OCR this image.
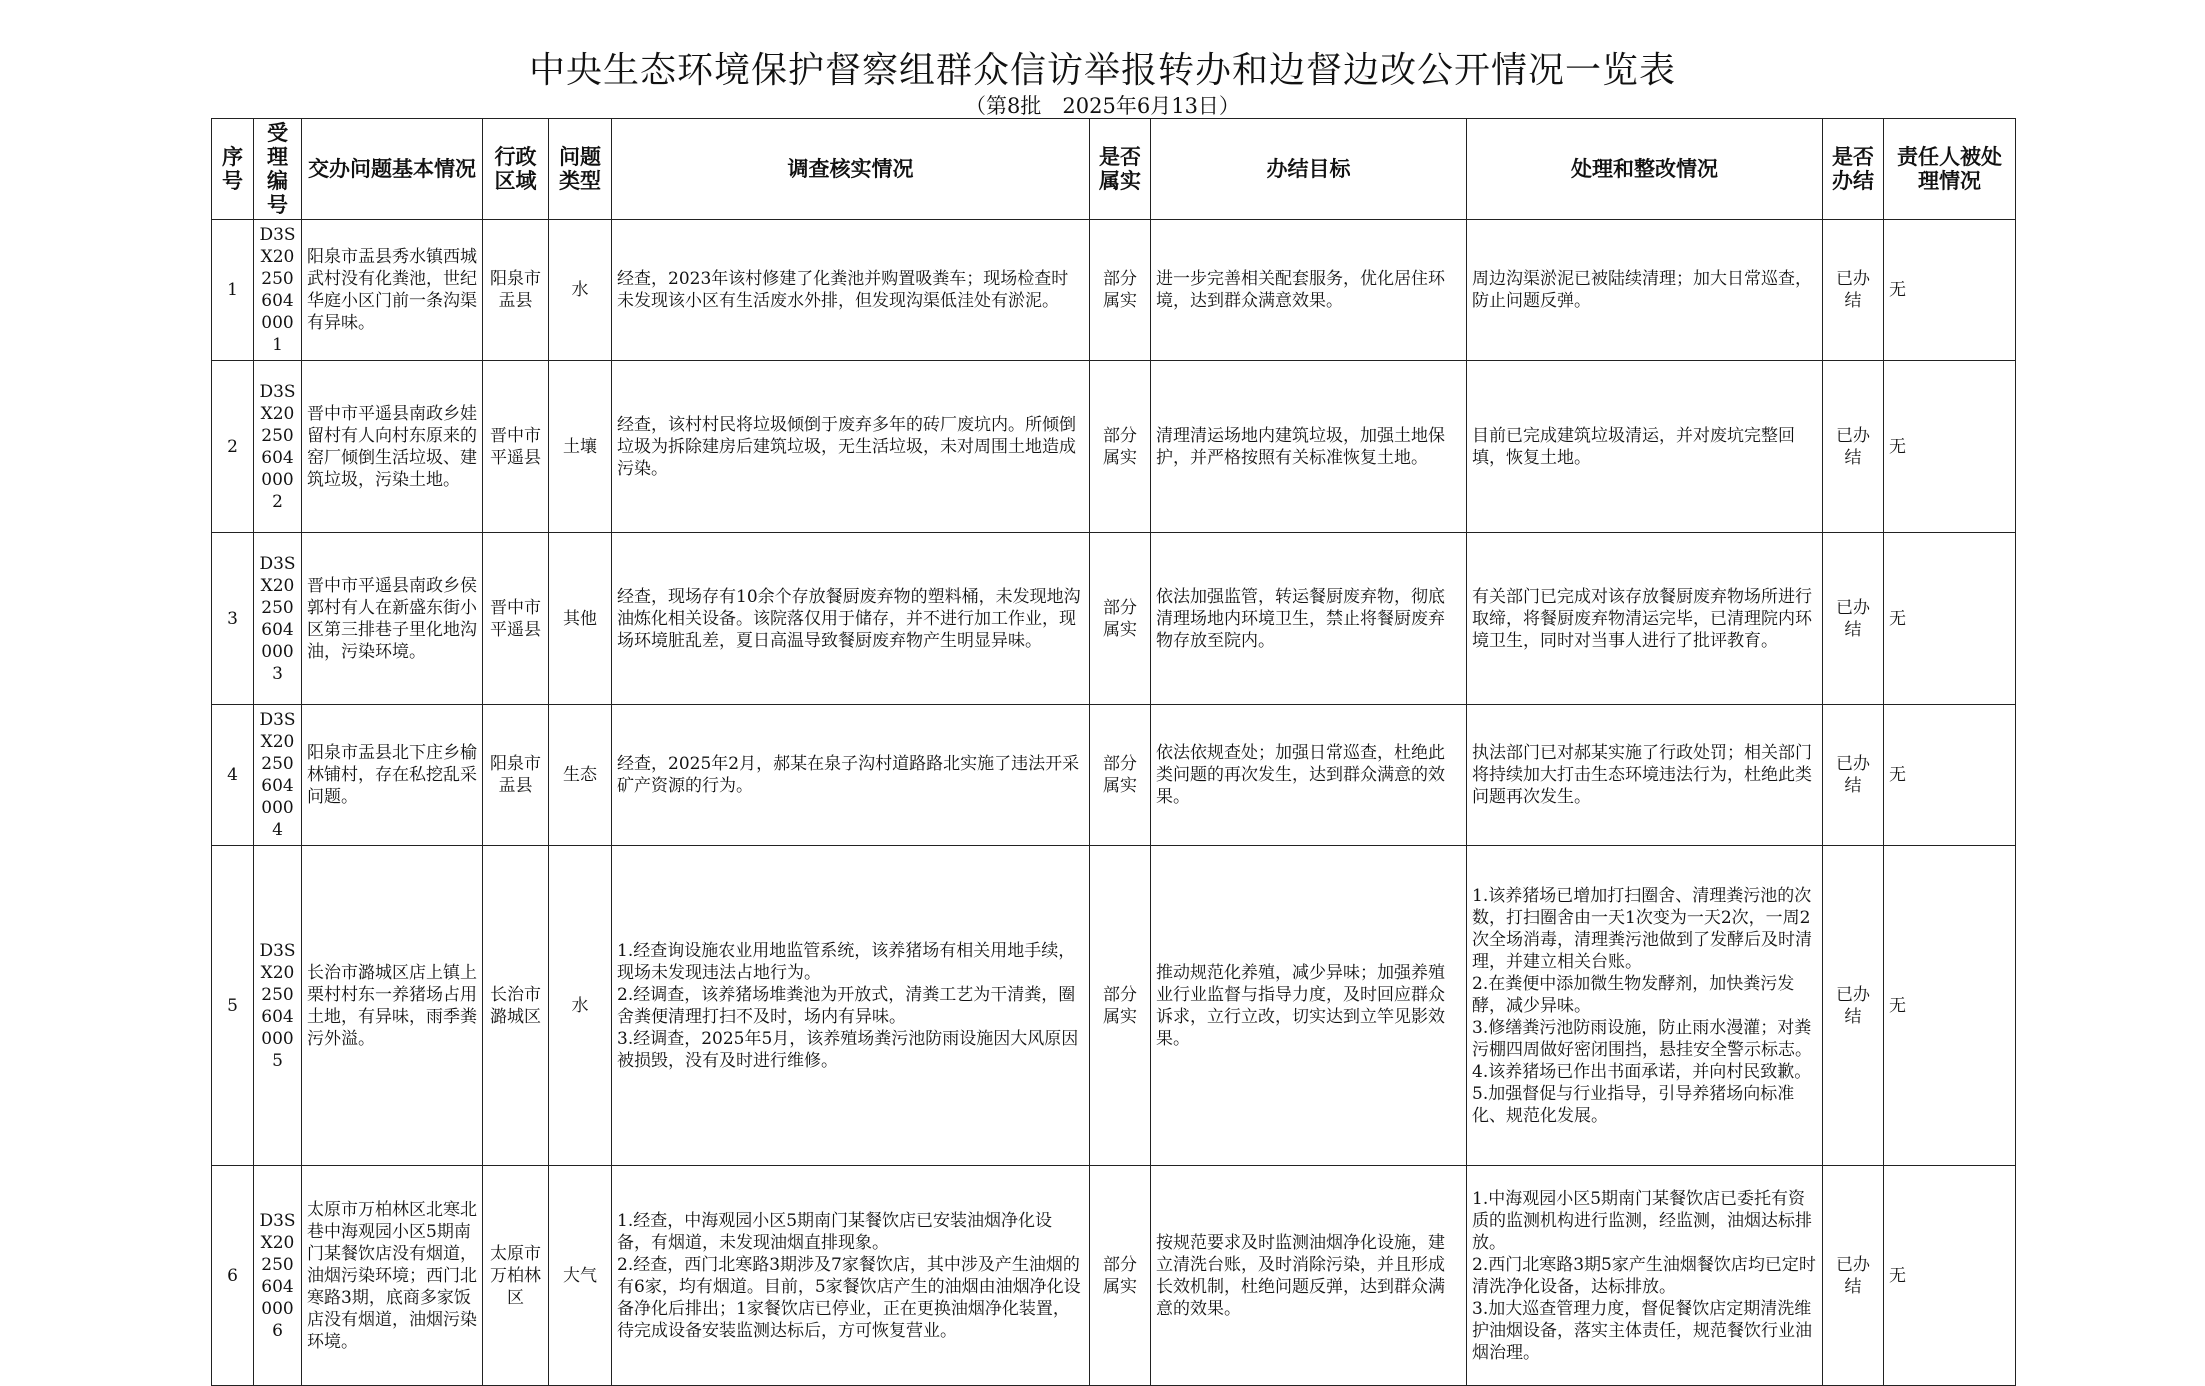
中央生态环境保护督察组群众信访举报转办和边督边改公开情况一览表
（第8批　2025年6月13日）
序号	受理编号	交办问题基本情况	行政区域	问题类型	调查核实情况	是否属实	办结目标	处理和整改情况	是否办结	责任人被处理情况
1	D3SX202506040001	阳泉市盂县秀水镇西城武村没有化粪池，世纪华庭小区门前一条沟渠有异味。	阳泉市盂县	水	经查，2023年该村修建了化粪池并购置吸粪车；现场检查时未发现该小区有生活废水外排，但发现沟渠低洼处有淤泥。	部分属实	进一步完善相关配套服务，优化居住环境，达到群众满意效果。	周边沟渠淤泥已被陆续清理；加大日常巡查，防止问题反弹。	已办结	无
2	D3SX202506040002	晋中市平遥县南政乡娃留村有人向村东原来的窑厂倾倒生活垃圾、建筑垃圾，污染土地。	晋中市平遥县	土壤	经查，该村村民将垃圾倾倒于废弃多年的砖厂废坑内。所倾倒垃圾为拆除建房后建筑垃圾，无生活垃圾，未对周围土地造成污染。	部分属实	清理清运场地内建筑垃圾，加强土地保护，并严格按照有关标准恢复土地。	目前已完成建筑垃圾清运，并对废坑完整回填，恢复土地。	已办结	无
3	D3SX202506040003	晋中市平遥县南政乡侯郭村有人在新盛东街小区第三排巷子里化地沟油，污染环境。	晋中市平遥县	其他	经查，现场存有10余个存放餐厨废弃物的塑料桶，未发现地沟油炼化相关设备。该院落仅用于储存，并不进行加工作业，现场环境脏乱差，夏日高温导致餐厨废弃物产生明显异味。	部分属实	依法加强监管，转运餐厨废弃物，彻底清理场地内环境卫生，禁止将餐厨废弃物存放至院内。	有关部门已完成对该存放餐厨废弃物场所进行取缔，将餐厨废弃物清运完毕，已清理院内环境卫生，同时对当事人进行了批评教育。	已办结	无
4	D3SX202506040004	阳泉市盂县北下庄乡榆林铺村，存在私挖乱采问题。	阳泉市盂县	生态	经查，2025年2月，郝某在泉子沟村道路路北实施了违法开采矿产资源的行为。	部分属实	依法依规查处；加强日常巡查，杜绝此类问题的再次发生，达到群众满意的效果。	执法部门已对郝某实施了行政处罚；相关部门将持续加大打击生态环境违法行为，杜绝此类问题再次发生。	已办结	无
5	D3SX202506040005	长治市潞城区店上镇上栗村村东一养猪场占用土地，有异味，雨季粪污外溢。	长治市潞城区	水	1.经查询设施农业用地监管系统，该养猪场有相关用地手续，现场未发现违法占地行为。
2.经调查，该养猪场堆粪池为开放式，清粪工艺为干清粪，圈舍粪便清理打扫不及时，场内有异味。
3.经调查，2025年5月，该养殖场粪污池防雨设施因大风原因被损毁，没有及时进行维修。	部分属实	推动规范化养殖，减少异味；加强养殖业行业监督与指导力度，及时回应群众诉求，立行立改，切实达到立竿见影效果。	1.该养猪场已增加打扫圈舍、清理粪污池的次数，打扫圈舍由一天1次变为一天2次，一周2次全场消毒，清理粪污池做到了发酵后及时清理，并建立相关台账。
2.在粪便中添加微生物发酵剂，加快粪污发酵，减少异味。
3.修缮粪污池防雨设施，防止雨水漫灌；对粪污棚四周做好密闭围挡，悬挂安全警示标志。
4.该养猪场已作出书面承诺，并向村民致歉。
5.加强督促与行业指导，引导养猪场向标准化、规范化发展。	已办结	无
6	D3SX202506040006	太原市万柏林区北寒北巷中海观园小区5期南门某餐饮店没有烟道，油烟污染环境；西门北寒路3期，底商多家饭店没有烟道，油烟污染环境。	太原市万柏林区	大气	1.经查，中海观园小区5期南门某餐饮店已安装油烟净化设备，有烟道，未发现油烟直排现象。
2.经查，西门北寒路3期涉及7家餐饮店，其中涉及产生油烟的有6家，均有烟道。目前，5家餐饮店产生的油烟由油烟净化设备净化后排出；1家餐饮店已停业，正在更换油烟净化装置，待完成设备安装监测达标后，方可恢复营业。	部分属实	按规范要求及时监测油烟净化设施，建立清洗台账，及时消除污染，并且形成长效机制，杜绝问题反弹，达到群众满意的效果。	1.中海观园小区5期南门某餐饮店已委托有资质的监测机构进行监测，经监测，油烟达标排放。
2.西门北寒路3期5家产生油烟餐饮店均已定时清洗净化设备，达标排放。
3.加大巡查管理力度，督促餐饮店定期清洗维护油烟设备，落实主体责任，规范餐饮行业油烟治理。	已办结	无
